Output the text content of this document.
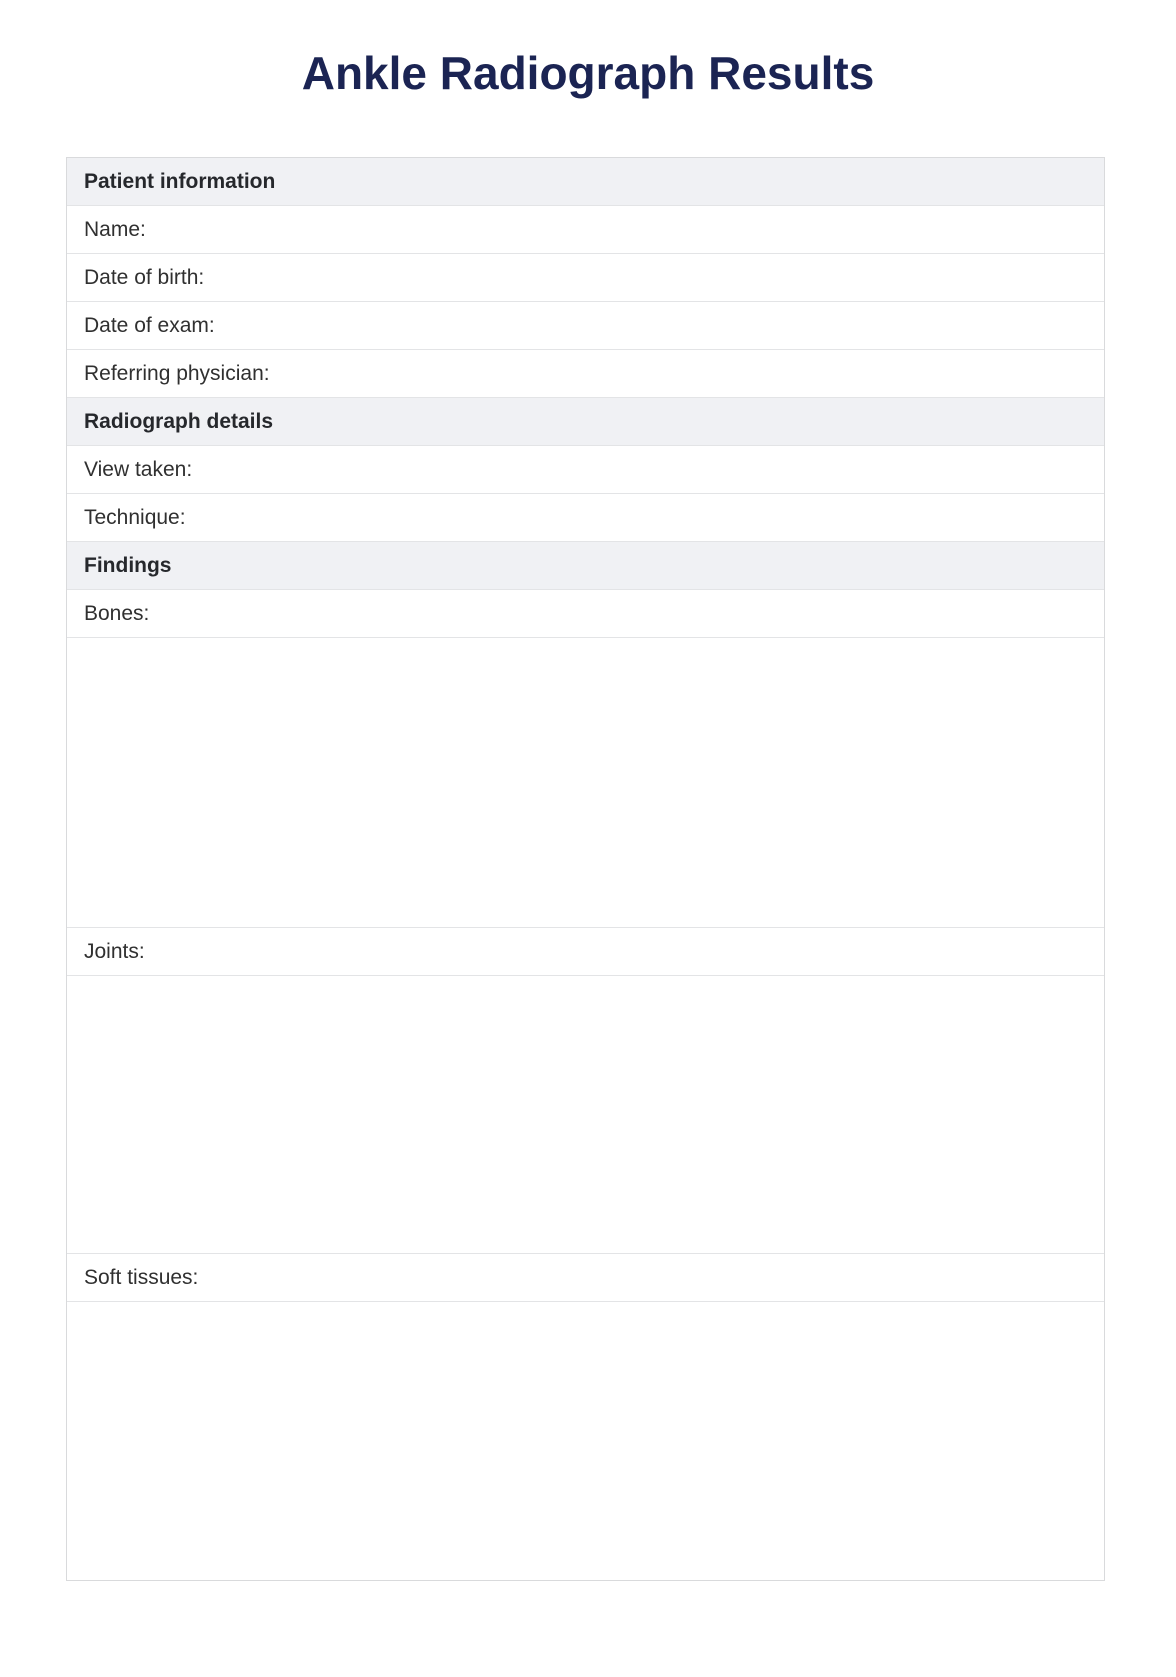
Ankle Radiograph Results
Patient information
Name:
Date of birth:
Date of exam:
Referring physician:
Radiograph details
View taken:
Technique:
Findings
Bones:
Joints:
Soft tissues:
